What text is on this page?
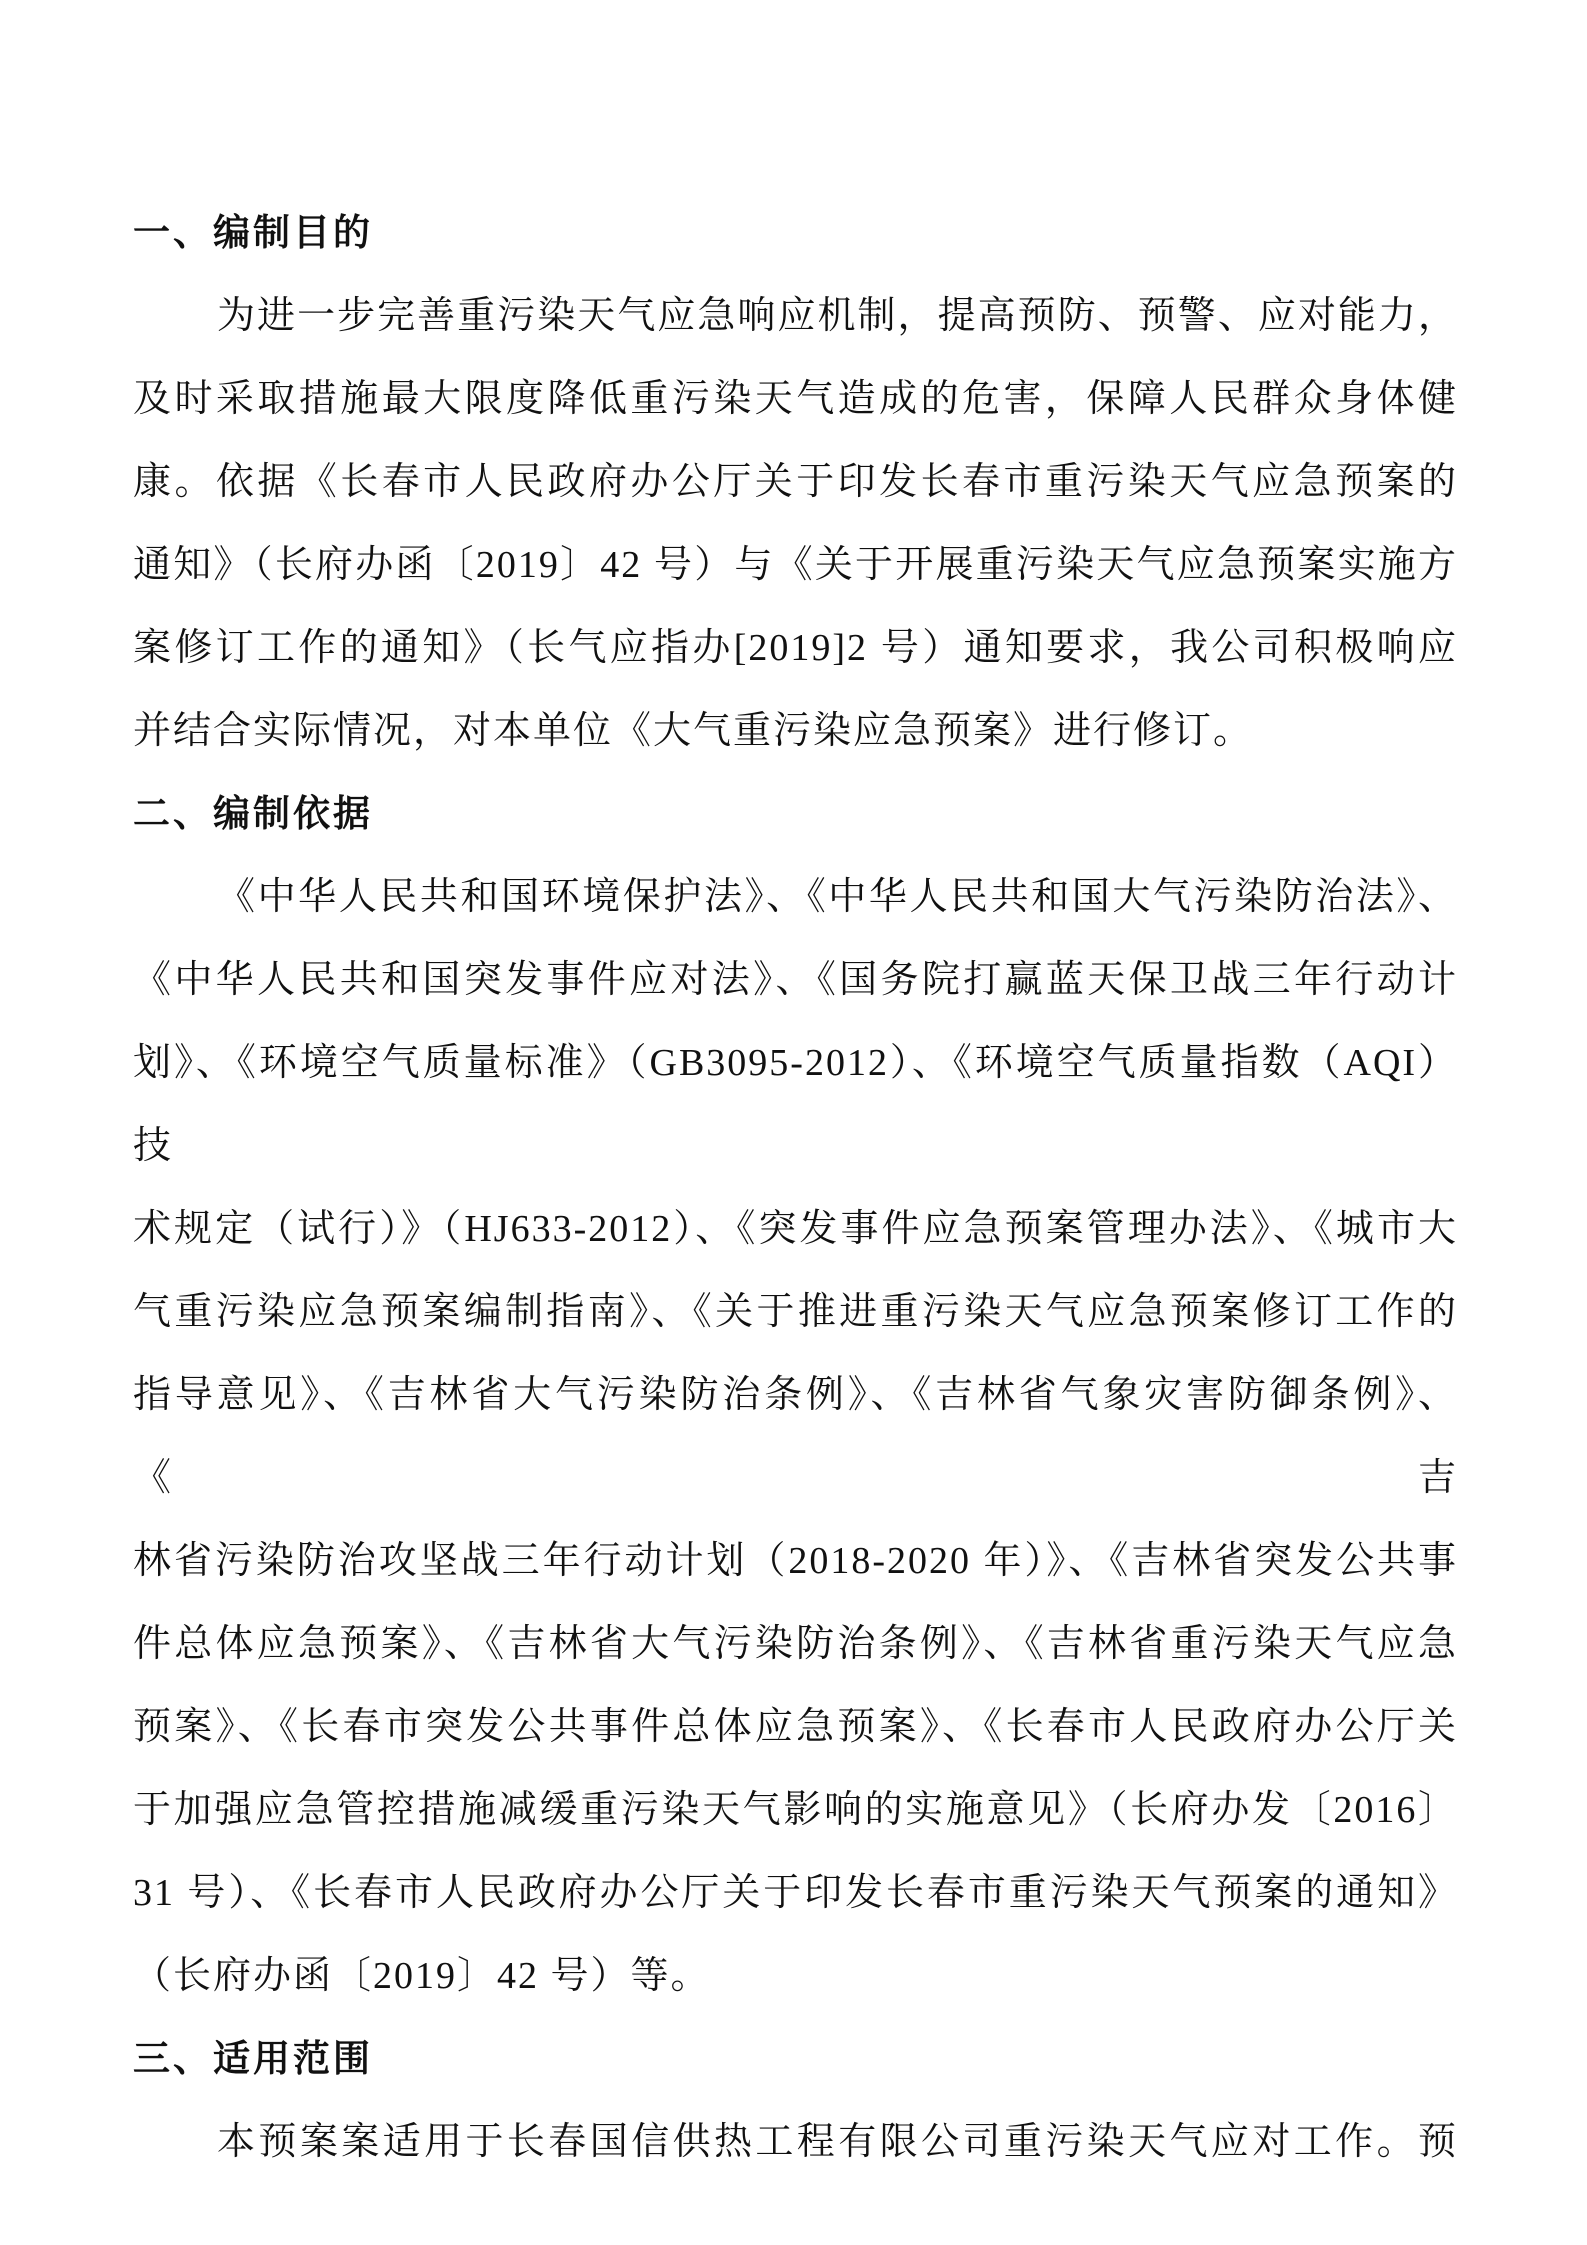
一、编制目的
为进一步完善重污染天气应急响应机制，提高预防、预警、应对能力，
及时采取措施最大限度降低重污染天气造成的危害，保障人民群众身体健
康。依据《长春市人民政府办公厅关于印发长春市重污染天气应急预案的
通知》（长府办函〔2019〕42 号）与《关于开展重污染天气应急预案实施方
案修订工作的通知》（长气应指办[2019]2 号）通知要求，我公司积极响应
并结合实际情况，对本单位《大气重污染应急预案》进行修订。
二、编制依据
《中华人民共和国环境保护法》、《中华人民共和国大气污染防治法》、
《中华人民共和国突发事件应对法》、《国务院打赢蓝天保卫战三年行动计
划》、《环境空气质量标准》（GB3095-2012）、《环境空气质量指数（AQI）技
术规定（试行）》（HJ633-2012）、《突发事件应急预案管理办法》、《城市大
气重污染应急预案编制指南》、《关于推进重污染天气应急预案修订工作的
指导意见》、《吉林省大气污染防治条例》、《吉林省气象灾害防御条例》、《吉
林省污染防治攻坚战三年行动计划（2018-2020 年）》、《吉林省突发公共事
件总体应急预案》、《吉林省大气污染防治条例》、《吉林省重污染天气应急
预案》、《长春市突发公共事件总体应急预案》、《长春市人民政府办公厅关
于加强应急管控措施减缓重污染天气影响的实施意见》（长府办发〔2016〕
31 号）、《长春市人民政府办公厅关于印发长春市重污染天气预案的通知》
（长府办函〔2019〕42 号）等。
三、适用范围
本预案案适用于长春国信供热工程有限公司重污染天气应对工作。预
